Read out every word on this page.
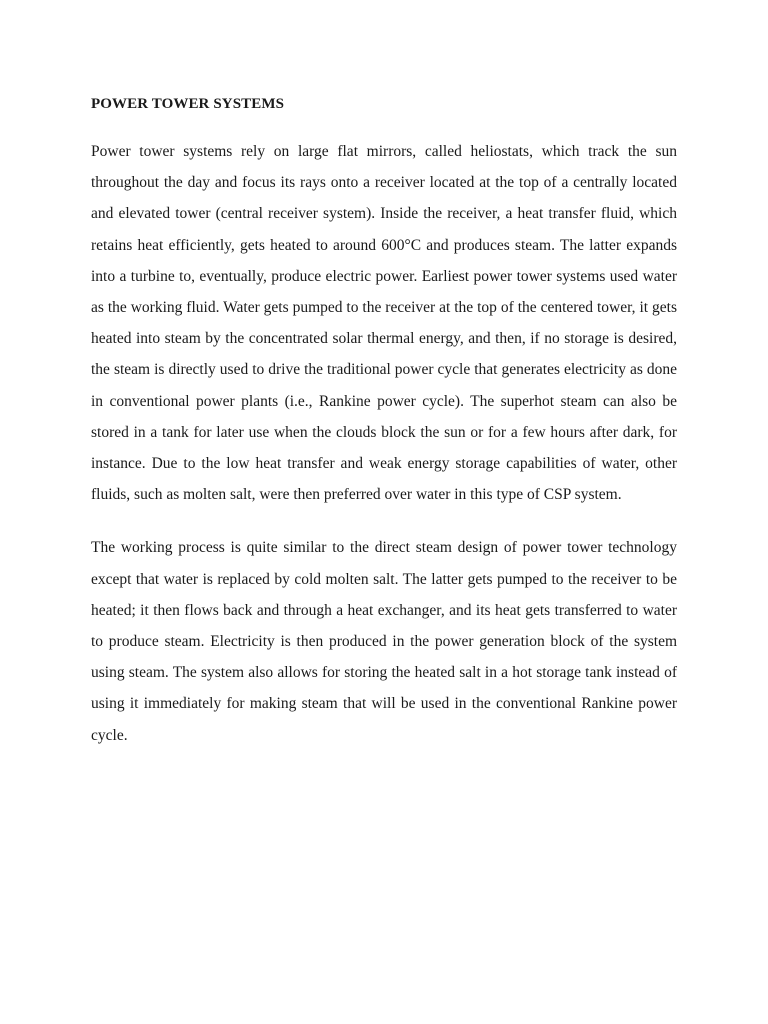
POWER TOWER SYSTEMS

Power tower systems rely on large flat mirrors, called heliostats, which track the sun throughout the day and focus its rays onto a receiver located at the top of a centrally located and elevated tower (central receiver system). Inside the receiver, a heat transfer fluid, which retains heat efficiently, gets heated to around 600°C and produces steam. The latter expands into a turbine to, eventually, produce electric power. Earliest power tower systems used water as the working fluid. Water gets pumped to the receiver at the top of the centered tower, it gets heated into steam by the concentrated solar thermal energy, and then, if no storage is desired, the steam is directly used to drive the traditional power cycle that generates electricity as done in conventional power plants (i.e., Rankine power cycle). The superhot steam can also be stored in a tank for later use when the clouds block the sun or for a few hours after dark, for instance. Due to the low heat transfer and weak energy storage capabilities of water, other fluids, such as molten salt, were then preferred over water in this type of CSP system.

The working process is quite similar to the direct steam design of power tower technology except that water is replaced by cold molten salt. The latter gets pumped to the receiver to be heated; it then flows back and through a heat exchanger, and its heat gets transferred to water to produce steam. Electricity is then produced in the power generation block of the system using steam. The system also allows for storing the heated salt in a hot storage tank instead of using it immediately for making steam that will be used in the conventional Rankine power cycle.
